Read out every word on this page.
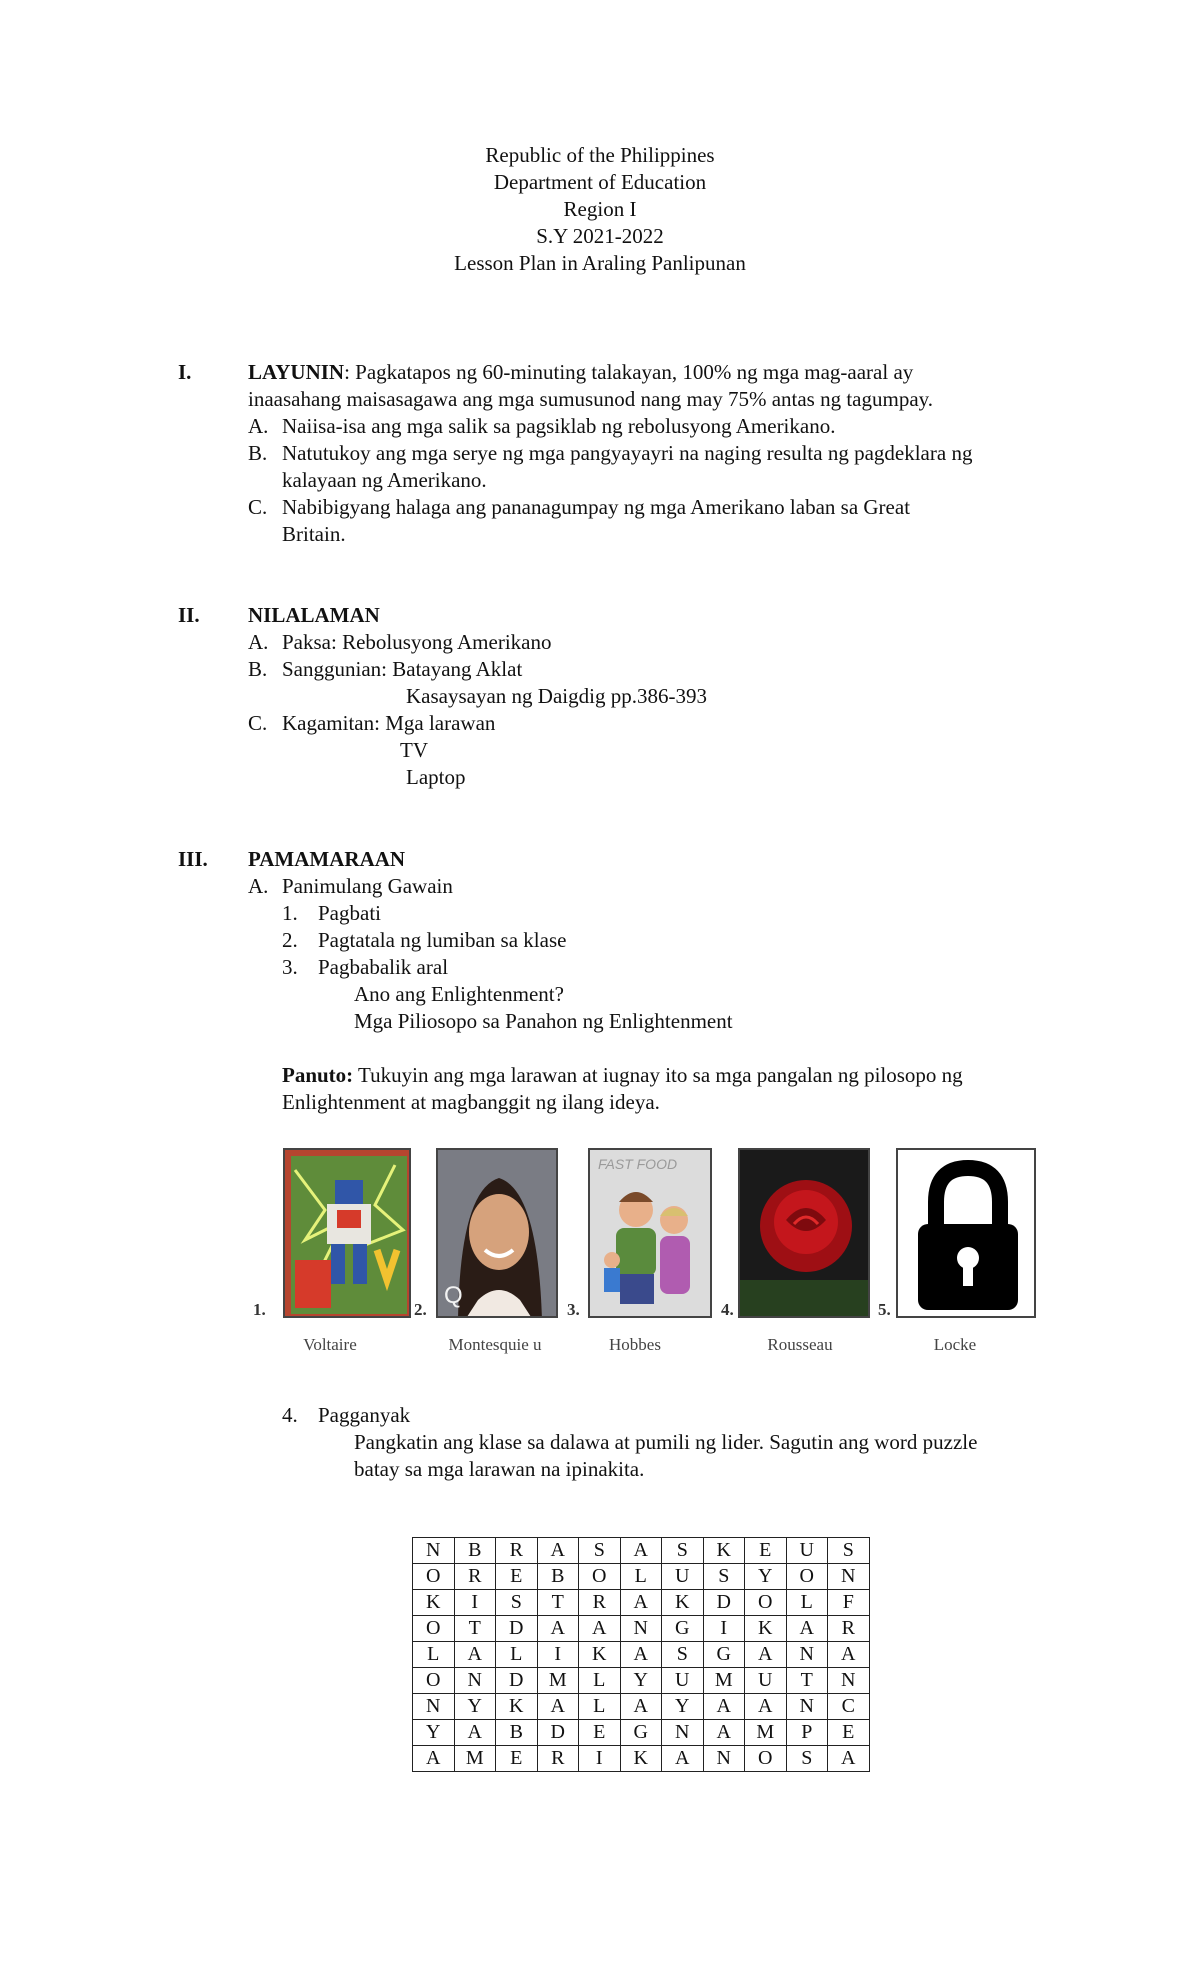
Republic of the Philippines
Department of Education
Region I
S.Y 2021-2022
Lesson Plan in Araling Panlipunan
I.	LAYUNIN: Pagkatapos ng 60-minuting talakayan, 100% ng mga mag-aaral ay
inaasahang maisasagawa ang mga sumusunod nang may 75% antas ng tagumpay.
A. Naiisa-isa ang mga salik sa pagsiklab ng rebolusyong Amerikano.
B. Natutukoy ang mga serye ng mga pangyayayri na naging resulta ng pagdeklara ng
kalayaan ng Amerikano.
C. Nabibigyang halaga ang pananagumpay ng mga Amerikano laban sa Great
Britain.
II. NILALAMAN
A. Paksa: Rebolusyong Amerikano
B. Sanggunian: Batayang Aklat
Kasaysayan ng Daigdig pp.386-393
C. Kagamitan: Mga larawan
TV
Laptop
III. PAMAMARAAN
A. Panimulang Gawain
1. Pagbati
2. Pagtatala ng lumiban sa klase
3. Pagbabalik aral
Ano ang Enlightenment?
Mga Piliosopo sa Panahon ng Enlightenment
Panuto: Tukuyin ang mga larawan at iugnay ito sa mga pangalan ng pilosopo ng
Enlightenment at magbanggit ng ilang ideya.
Q
FAST FOOD
1.	2.	3.	4.	5.
Voltaire	Montesquie u	Hobbes	Rousseau	Locke
4. Pagganyak
Pangkatin ang klase sa dalawa at pumili ng lider. Sagutin ang word puzzle
batay sa mga larawan na ipinakita.
N	B	R	A	S	A	S	K	E	U	S
O	R	E	B	O	L	U	S	Y	O	N
K	I	S	T	R	A	K	D	O	L	F
O	T	D	A	A	N	G	I	K	A	R
L	A	L	I	K	A	S	G	A	N	A
O	N	D	M	L	Y	U	M	U	T	N
N	Y	K	A	L	A	Y	A	A	N	C
Y	A	B	D	E	G	N	A	M	P	E
A	M	E	R	I	K	A	N	O	S	A
